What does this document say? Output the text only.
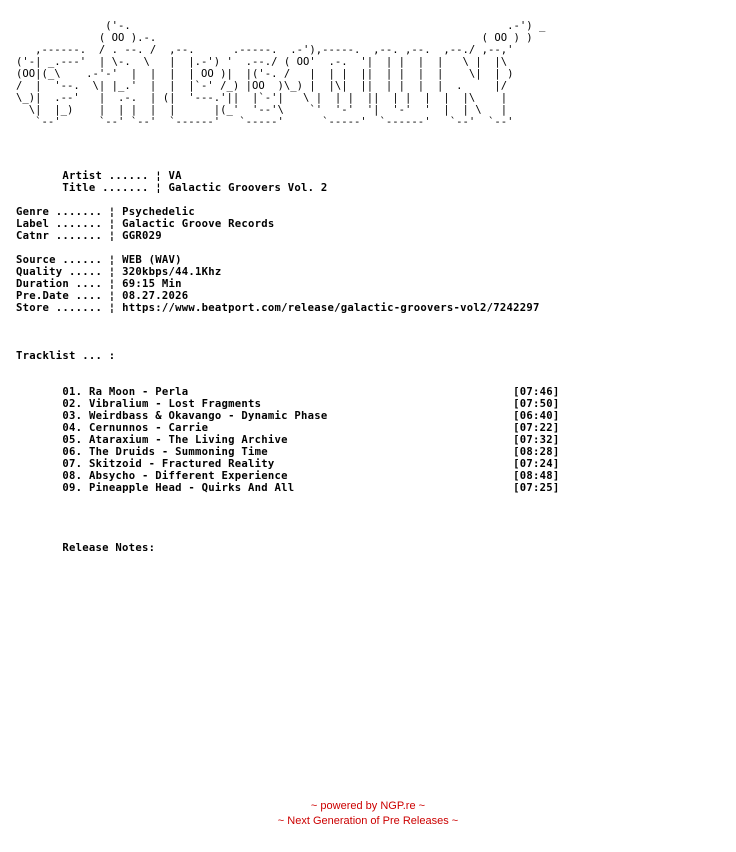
('-.                                                           .-') _
( OO ).-.                                                   ( OO ) )
,------.  / . --. /  ,--.      .-----.  .-'),-----.  ,--. ,--.  ,--./ ,--,'
('-| _.---'  | \-.  \   |  |.-') '  .--./ ( OO'  .-.  '|  | |  |  |   \ |  |\
(OO|(_\    .-'-'  |  |  |  | OO )|  |('-. /   |  | |  ||  | |  |  |    \|  | )
/  |  '--.  \| |_.'  |  |  |`-' /_) |OO  )\_) |  |\|  ||  | |  |  |  .     |/
\_)|  .--'   |  .-.  | (|  '---.'||  |`-'|   \ |  | |  ||  | |  |  |  |\    |
\|  |_)    |  | |  |  |      |(_'  '--'\    `'  '-'  '|  '-'  '  |  | \   |
`--'      `--' `--'  `------'   `-----'      `-----'  `------'   `--'  `--'

Artist ...... ¦ VA
Title ....... ¦ Galactic Groovers Vol. 2
Genre ....... ¦ Psychedelic
Label ....... ¦ Galactic Groove Records
Catnr ....... ¦ GGR029
Source ...... ¦ WEB (WAV)
Quality ..... ¦ 320kbps/44.1Khz
Duration .... ¦ 69:15 Min
Pre.Date .... ¦ 08.27.2026
Store ....... ¦ https://www.beatport.com/release/galactic-groovers-vol2/7242297
Tracklist ... :
01. Ra Moon - Perla	[07:46]
02. Vibralium - Lost Fragments	[07:50]
03. Weirdbass & Okavango - Dynamic Phase	[06:40]
04. Cernunnos - Carrie	[07:22]
05. Ataraxium - The Living Archive	[07:32]
06. The Druids - Summoning Time	[08:28]
07. Skitzoid - Fractured Reality	[07:24]
08. Absycho - Different Experience	[08:48]
09. Pineapple Head - Quirks And All	[07:25]
Release Notes:
~ powered by NGP.re ~
~ Next Generation of Pre Releases ~
